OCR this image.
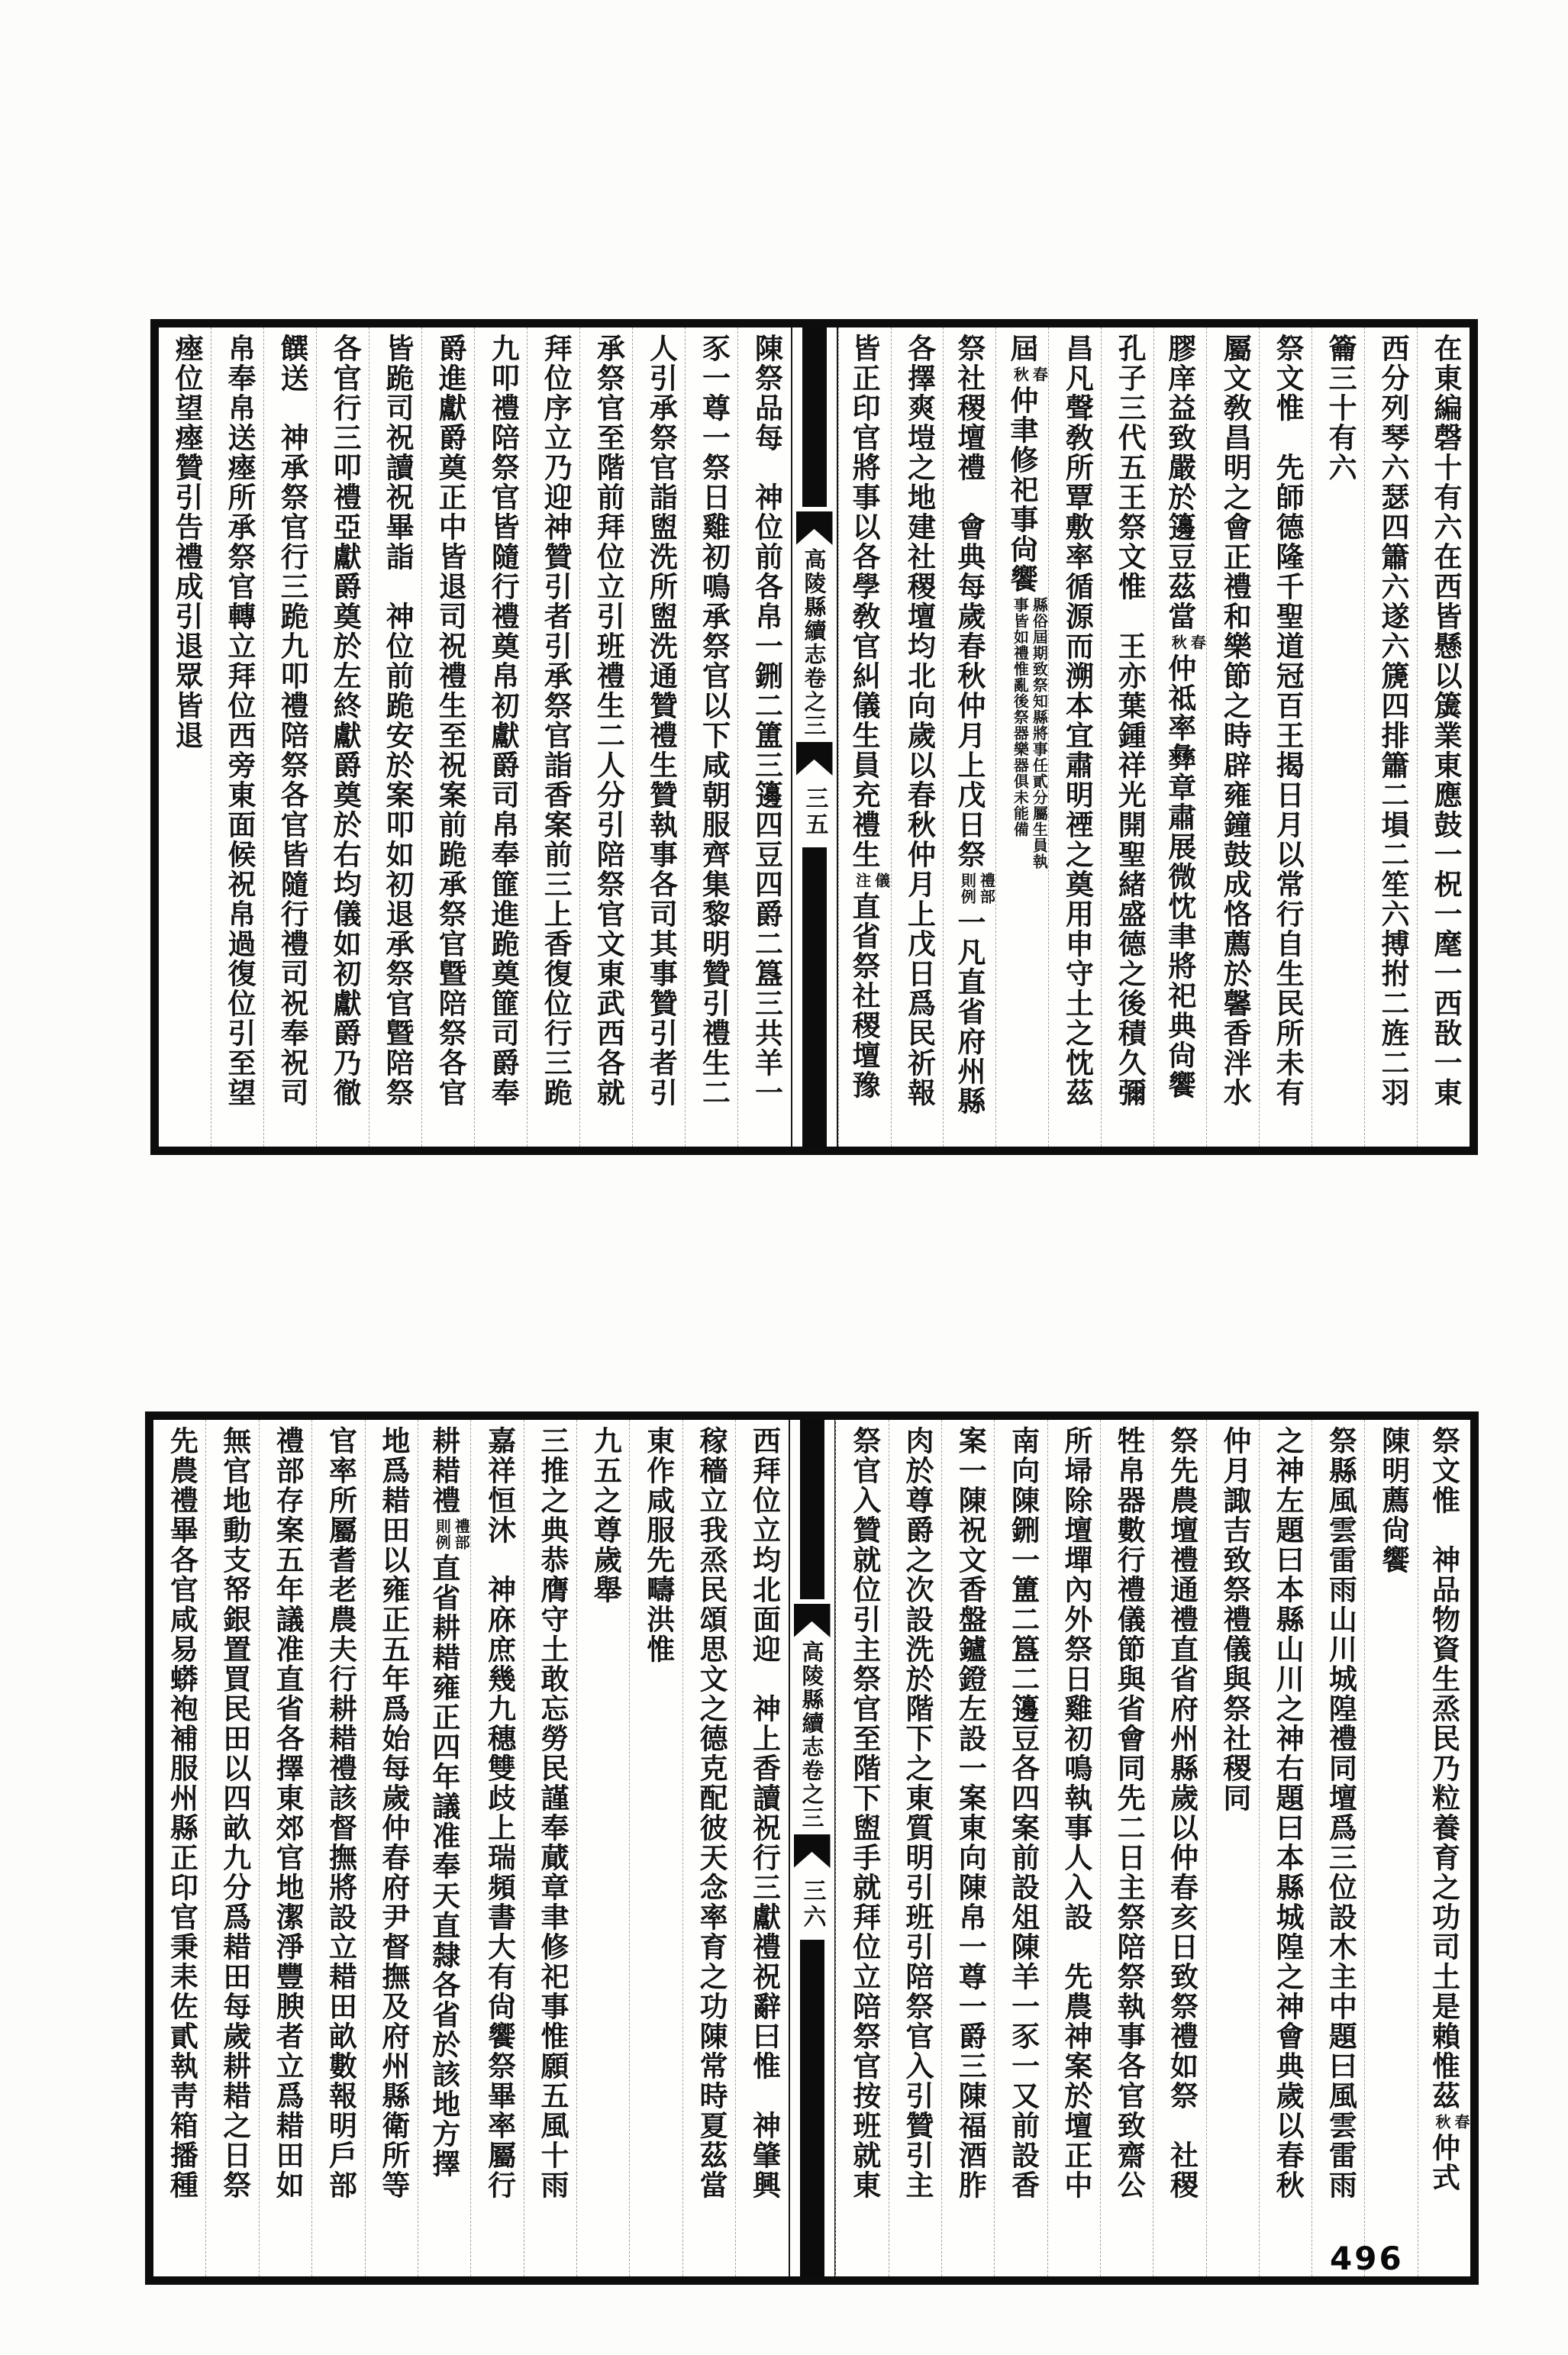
在東編磬十有六在西皆懸以簴業東應鼓一柷一麾一西敔一東
西分列琴六瑟四簫六遂六篪四排簫二塤二笙六搏拊二旌二羽
籥三十有六
祭文惟　先師德隆千聖道冠百王揭日月以常行自生民所未有
屬文敎昌明之會正禮和樂節之時辟雍鐘鼓成恪薦於馨香泮水
膠庠益致嚴於籩豆茲當
春
秋
仲祗率彝章肅展微忱聿將祀典尙饗
孔子三代五王祭文惟　王亦葉鍾祥光開聖緒盛德之後積久彌
昌凡聲敎所覃敷率循源而溯本宜肅明禋之奠用申守土之忱茲
屆
春
秋
仲聿修祀事尙饗
縣俗屆期致祭知縣將事任貳分屬生員執
事皆如禮惟亂後祭器樂器俱未能備
祭社稷壇禮　會典每歲春秋仲月上戊日祭
禮部
則例
一凡直省府州縣
各擇爽塏之地建社稷壇均北向歲以春秋仲月上戊日爲民祈報
皆正印官將事以各學敎官糾儀生員充禮生
儀
注
直省祭社稷壇豫
高陵縣續志卷之三
三五
陳祭品每　神位前各帛一鉶二簠三籩四豆四爵二簋三共羊一
豕一尊一祭日雞初鳴承祭官以下咸朝服齊集黎明贊引禮生二
人引承祭官詣盥洗所盥洗通贊禮生贊執事各司其事贊引者引
承祭官至階前拜位立引班禮生二人分引陪祭官文東武西各就
拜位序立乃迎神贊引者引承祭官詣香案前三上香復位行三跪
九叩禮陪祭官皆隨行禮奠帛初獻爵司帛奉篚進跪奠篚司爵奉
爵進獻爵奠正中皆退司祝禮生至祝案前跪承祭官曁陪祭各官
皆跪司祝讀祝畢詣　神位前跪安於案叩如初退承祭官曁陪祭
各官行三叩禮亞獻爵奠於左終獻爵奠於右均儀如初獻爵乃徹
饌送　神承祭官行三跪九叩禮陪祭各官皆隨行禮司祝奉祝司
帛奉帛送瘞所承祭官轉立拜位西旁東面候祝帛過復位引至望
瘞位望瘞贊引告禮成引退眾皆退
祭文惟　神品物資生烝民乃粒養育之功司土是賴惟茲
春
秋
仲式
陳明薦尙饗
祭縣風雲雷雨山川城隍禮同壇爲三位設木主中題曰風雲雷雨
之神左題曰本縣山川之神右題曰本縣城隍之神會典歲以春秋
仲月諏吉致祭禮儀與祭社稷同
祭先農壇禮通禮直省府州縣歲以仲春亥日致祭禮如祭　社稷
牲帛器數行禮儀節與省會同先二日主祭陪祭執事各官致齋公
所埽除壇墠內外祭日雞初鳴執事人入設　先農神案於壇正中
南向陳鉶一簠二簋二籩豆各四案前設俎陳羊一豕一又前設香
案一陳祝文香盤鑪鐙左設一案東向陳帛一尊一爵三陳福酒胙
肉於尊爵之次設洗於階下之東質明引班引陪祭官入引贊引主
祭官入贊就位引主祭官至階下盥手就拜位立陪祭官按班就東
高陵縣續志卷之三
三六
西拜位立均北面迎　神上香讀祝行三獻禮祝辭曰惟　神肇興
稼穡立我烝民頌思文之德克配彼天念率育之功陳常時夏茲當
東作咸服先疇洪惟
九五之尊歲舉
三推之典恭膺守土敢忘勞民謹奉蕆章聿修祀事惟願五風十雨
嘉祥恒沐　神庥庶幾九穗雙歧上瑞頻書大有尙饗祭畢率屬行
耕耤禮
禮部
則例
直省耕耤雍正四年議准奉天直隸各省於該地方擇
地爲耤田以雍正五年爲始每歲仲春府尹督撫及府州縣衛所等
官率所屬耆老農夫行耕耤禮該督撫將設立耤田畝數報明戶部
禮部存案五年議准直省各擇東郊官地潔淨豐腴者立爲耤田如
無官地動支帑銀置買民田以四畝九分爲耤田每歲耕耤之日祭
先農禮畢各官咸易蟒袍補服州縣正印官秉耒佐貳執靑箱播種
496
